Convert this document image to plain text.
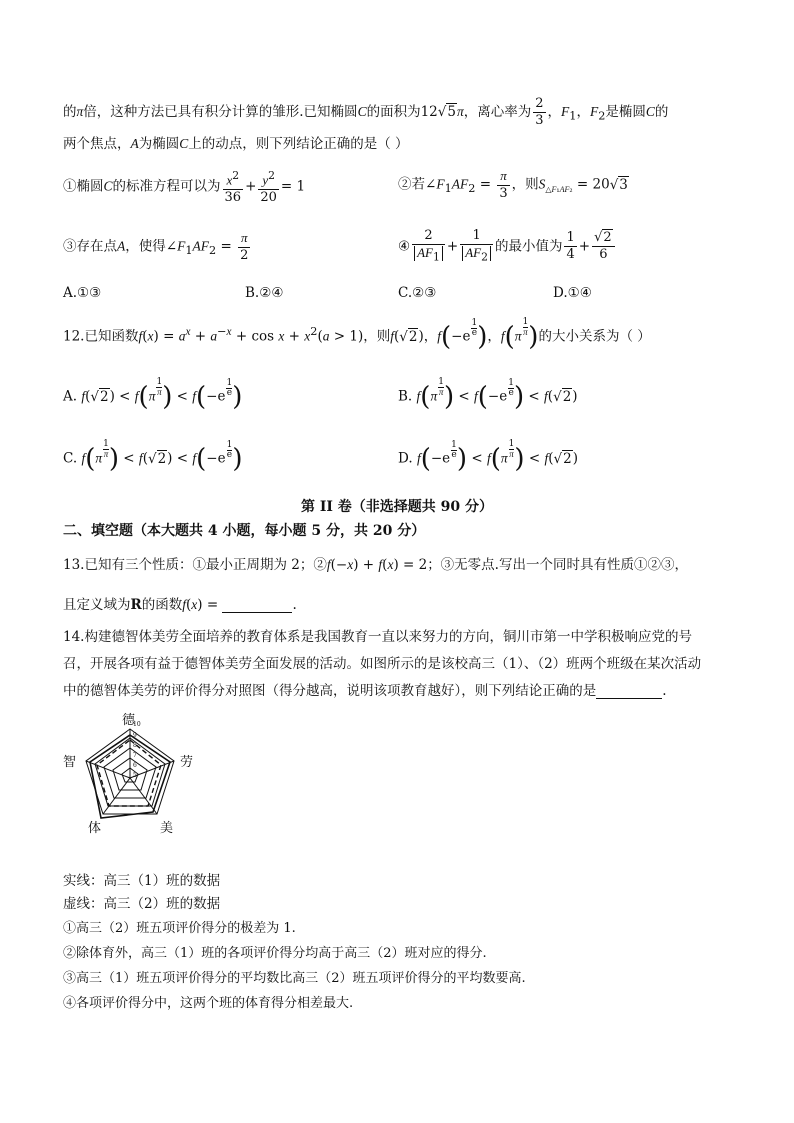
的π倍，这种方法已具有积分计算的雏形.已知椭圆C的面积为12√5π，离心率为 $\frac{2}{3}$ ，$F_1$，$F_2$是椭圆C的
两个焦点，A为椭圆C上的动点，则下列结论正确的是（ ）
①椭圆C的标准方程可以为 $\frac{x^2}{36} + \frac{y^2}{20} = 1$	②若$\angle F_1AF_2 = \frac{\pi}{3}$ ，则$S_{\triangle F_1AF_2} = 20√3$
③存在点A，使得$\angle F_1AF_2 = \frac{\pi}{2}$	④ $\frac{2}{AF_1} + \frac{1}{AF_2}$ 的最小值为 $\frac{1}{4} + \frac{√2}{6}$
A.①③	B.②④	C.②③	D.①④
12.已知函数$f(x) = a^x + a^{-x} + \cos x + x^2(a > 1)$，则f(√2)，$f(-e \frac{1}{e}$ )，$f(\pi \frac{1}{\pi}$ )的大小关系为（ ）
A. $f(√2) < f(\pi \frac{1}{\pi}$ ) < $f(-e \frac{1}{e}$ )	B. $f(\pi \frac{1}{\pi}$ ) < $f(-e \frac{1}{e}$ ) < f(√2)
C. $f(\pi \frac{1}{\pi}$ ) < $f(√2) < f(-e \frac{1}{e}$ )	D. $f(-e \frac{1}{e}$ ) < $f(\pi \frac{1}{\pi}$ ) < f(√2)
第 II 卷（非选择题共 90 分）
二、填空题（本大题共 4 小题，每小题 5 分，共 20 分）
13.已知有三个性质：①最小正周期为 2；②f(−x) + f(x) = 2；③无零点.写出一个同时具有性质①②③，
且定义域为R的函数f(x) =	.
14.构建德智体美劳全面培养的教育体系是我国教育一直以来努力的方向，铜川市第一中学积极响应党的号
召，开展各项有益于德智体美劳全面发展的活动。如图所示的是该校高三（1）、（2）班两个班级在某次活动
中的德智体美劳的评价得分对照图（得分越高，说明该项教育越好），则下列结论正确的是	.
10
9
8
7
6
5
德
劳
美
体
智
实线：高三（1）班的数据
虚线：高三（2）班的数据
①高三（2）班五项评价得分的极差为 1.
②除体育外，高三（1）班的各项评价得分均高于高三（2）班对应的得分.
③高三（1）班五项评价得分的平均数比高三（2）班五项评价得分的平均数要高.
④各项评价得分中，这两个班的体育得分相差最大.
